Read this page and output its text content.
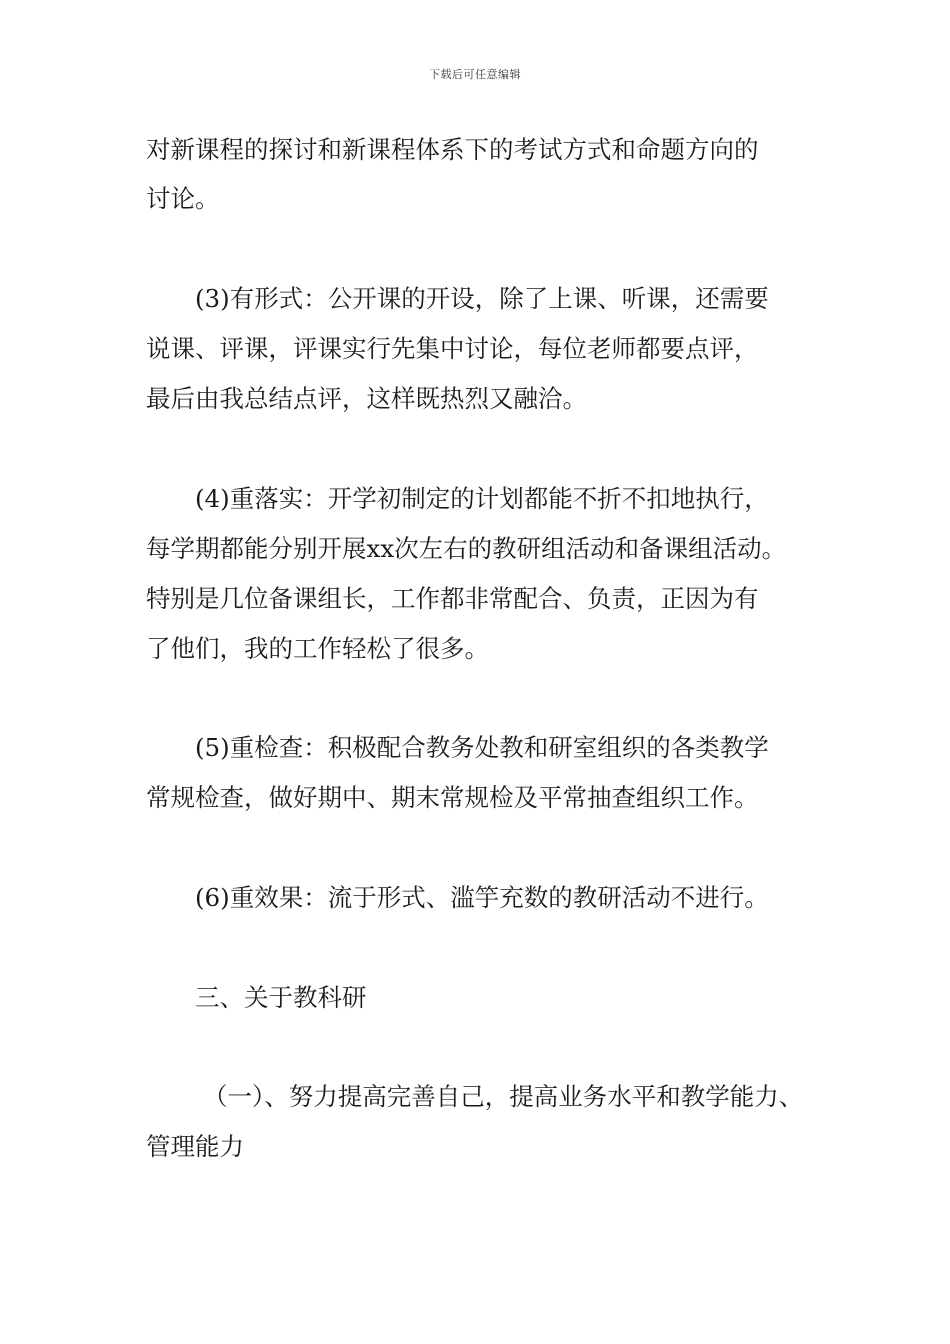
下载后可任意编辑
对新课程的探讨和新课程体系下的考试方式和命题方向的
讨论。
(3)有形式：公开课的开设，除了上课、听课，还需要
说课、评课，评课实行先集中讨论，每位老师都要点评，
最后由我总结点评，这样既热烈又融洽。
(4)重落实：开学初制定的计划都能不折不扣地执行，
每学期都能分别开展xx次左右的教研组活动和备课组活动。
特别是几位备课组长，工作都非常配合、负责，正因为有
了他们，我的工作轻松了很多。
(5)重检查：积极配合教务处教和研室组织的各类教学
常规检查，做好期中、期末常规检及平常抽查组织工作。
(6)重效果：流于形式、滥竽充数的教研活动不进行。
三、关于教科研
（一）、努力提高完善自己，提高业务水平和教学能力、
管理能力
